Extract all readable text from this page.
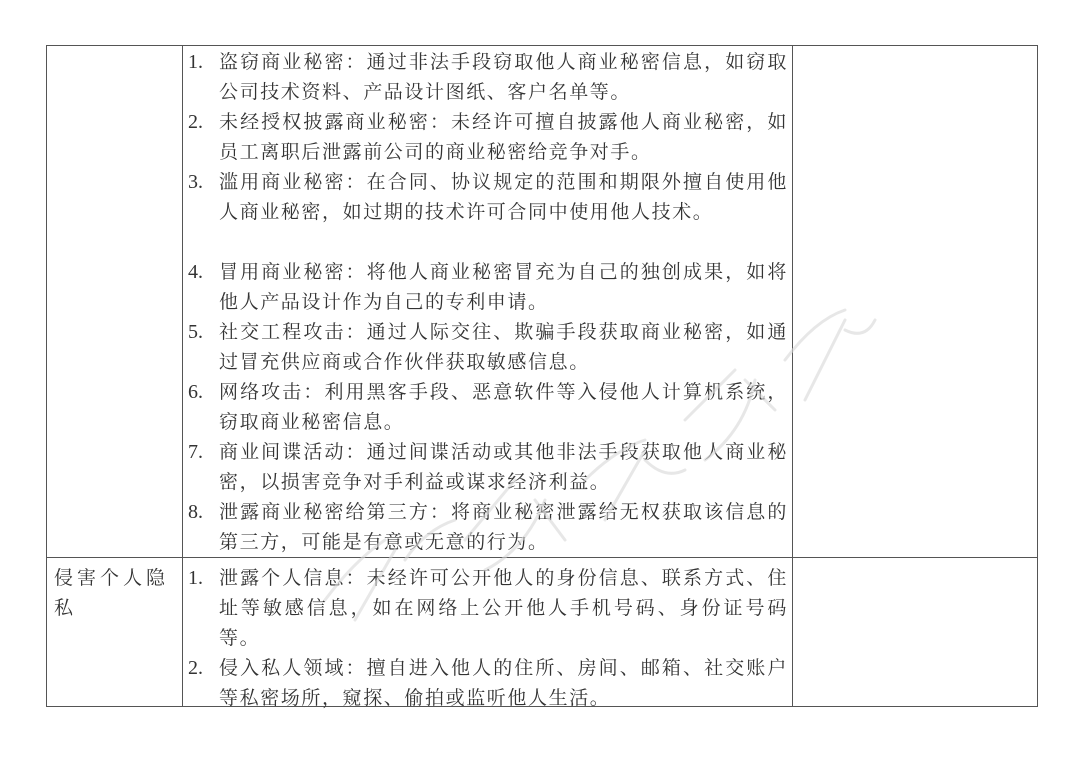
1. 盗窃商业秘密：通过非法手段窃取他人商业秘密信息，如窃取公司技术资料、产品设计图纸、客户名单等。
2. 未经授权披露商业秘密：未经许可擅自披露他人商业秘密，如员工离职后泄露前公司的商业秘密给竞争对手。
3. 滥用商业秘密：在合同、协议规定的范围和期限外擅自使用他人商业秘密，如过期的技术许可合同中使用他人技术。
4. 冒用商业秘密：将他人商业秘密冒充为自己的独创成果，如将他人产品设计作为自己的专利申请。
5. 社交工程攻击：通过人际交往、欺骗手段获取商业秘密，如通过冒充供应商或合作伙伴获取敏感信息。
6. 网络攻击：利用黑客手段、恶意软件等入侵他人计算机系统，窃取商业秘密信息。
7. 商业间谍活动：通过间谍活动或其他非法手段获取他人商业秘密，以损害竞争对手利益或谋求经济利益。
8. 泄露商业秘密给第三方：将商业秘密泄露给无权获取该信息的第三方，可能是有意或无意的行为。
侵害个人隐私
1. 泄露个人信息：未经许可公开他人的身份信息、联系方式、住址等敏感信息，如在网络上公开他人手机号码、身份证号码等。
2. 侵入私人领域：擅自进入他人的住所、房间、邮箱、社交账户等私密场所，窥探、偷拍或监听他人生活。
